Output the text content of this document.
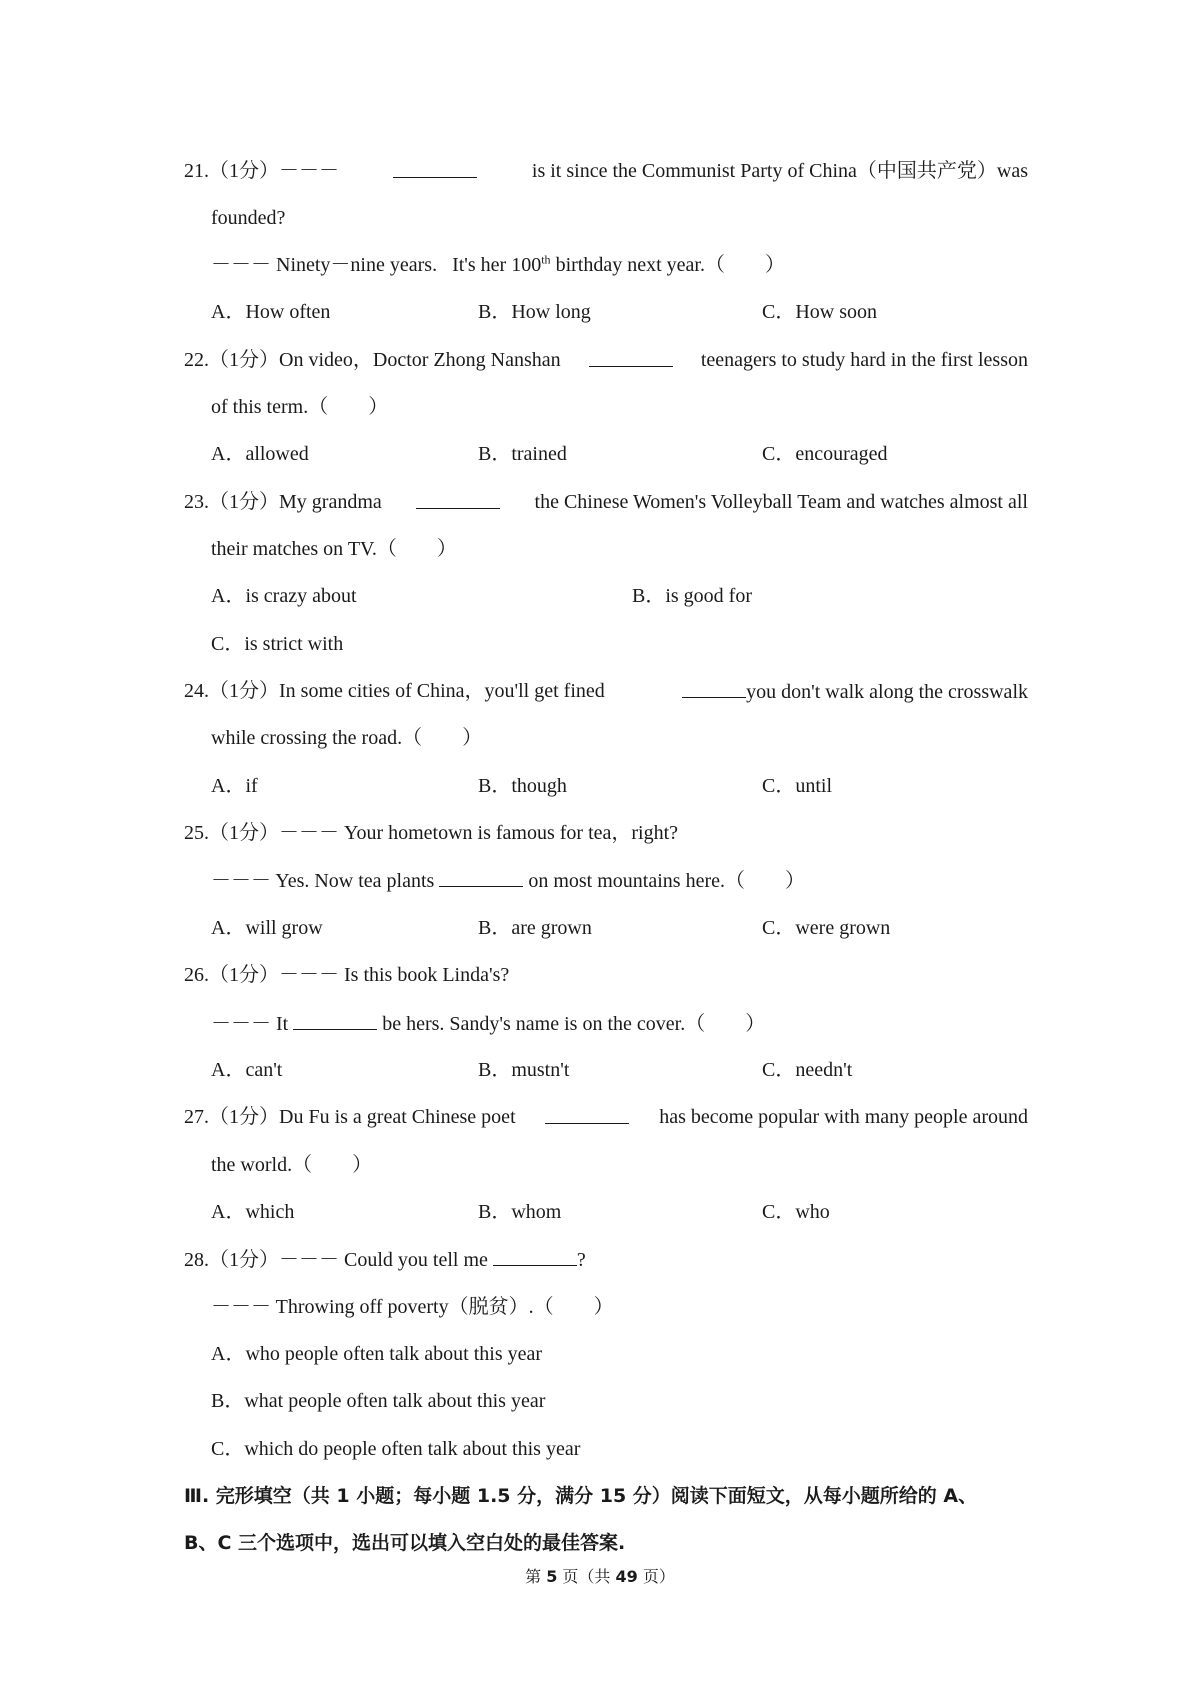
21.（1分）－－－	is it since the Communist Party of China（中国共产党）was
founded?
－－－ Ninety－nine years. It's her 100th birthday next year.（　　）
A．How often	B．How long	C．How soon
22.（1分）On video，Doctor Zhong Nanshan	teenagers to study hard in the first lesson
of this term.（　　）
A．allowed	B．trained	C．encouraged
23.（1分）My grandma	the Chinese Women's Volleyball Team and watches almost all
their matches on TV.（　　）
A．is crazy about	B．is good for
C．is strict with
24.（1分）In some cities of China，you'll get fined	you don't walk along the crosswalk
while crossing the road.（　　）
A．if	B．though	C．until
25.（1分）－－－ Your hometown is famous for tea，right?
－－－ Yes. Now tea plants	on most mountains here.（　　）
A．will grow	B．are grown	C．were grown
26.（1分）－－－ Is this book Linda's?
－－－ It	be hers. Sandy's name is on the cover.（　　）
A．can't	B．mustn't	C．needn't
27.（1分）Du Fu is a great Chinese poet	has become popular with many people around
the world.（　　）
A．which	B．whom	C．who
28.（1分）－－－ Could you tell me	?
－－－ Throwing off poverty（脱贫）.（　　）
A．who people often talk about this year
B．what people often talk about this year
C．which do people often talk about this year
Ⅲ. 完形填空（共 1 小题；每小题 1.5 分，满分 15 分）阅读下面短文，从每小题所给的 A、
B、C 三个选项中，选出可以填入空白处的最佳答案.
第 5 页（共 49 页）
